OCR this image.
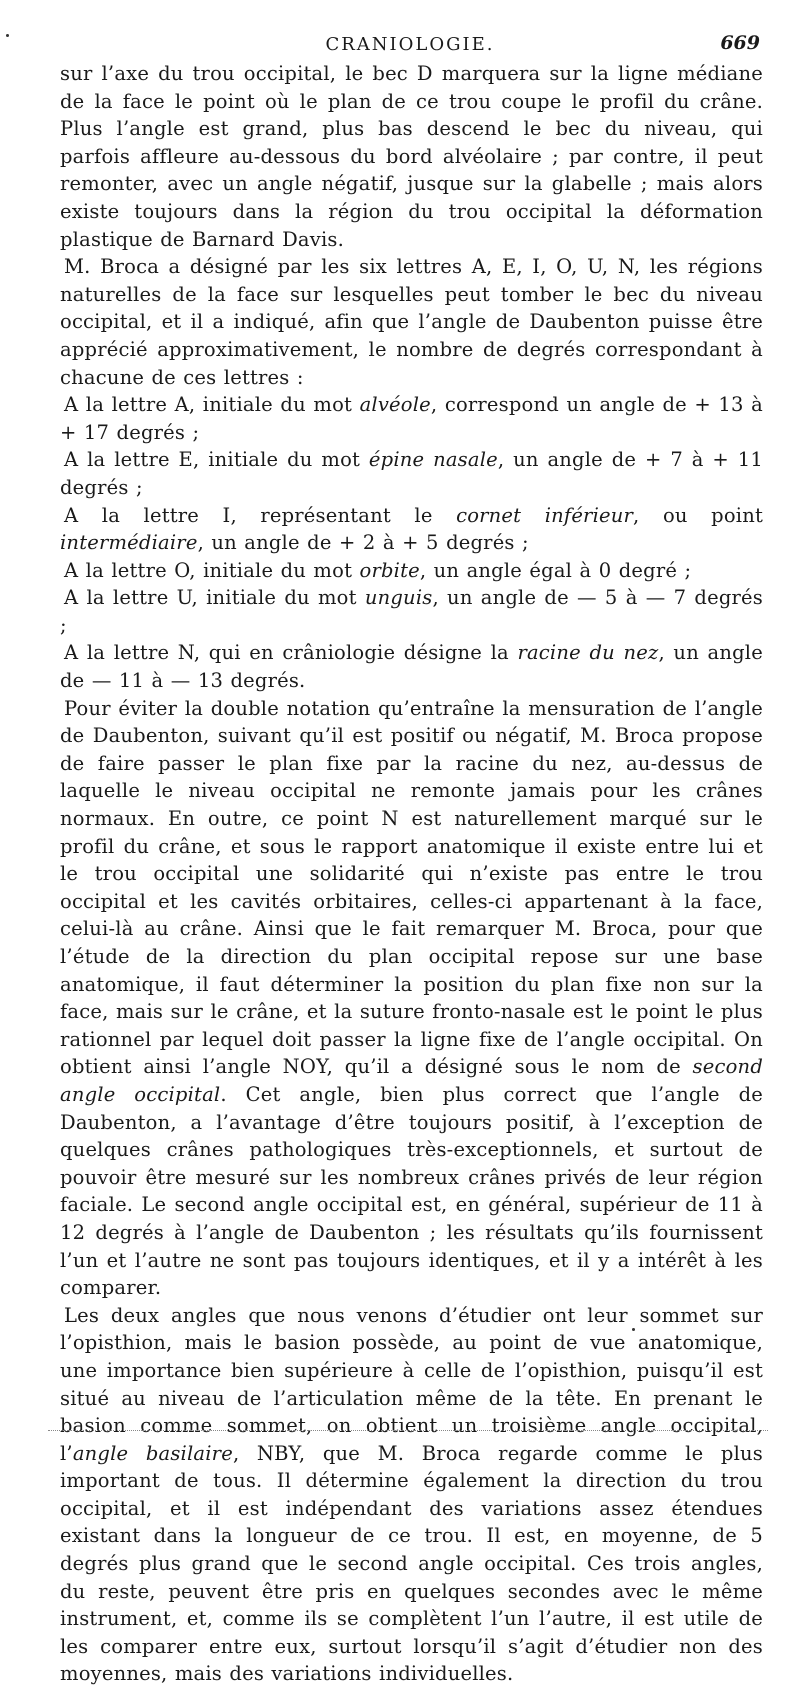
CRANIOLOGIE.	669

sur l’axe du trou occipital, le bec D marquera sur la ligne médiane de la face le point où le plan de ce trou coupe le profil du crâne. Plus l’angle est grand, plus bas descend le bec du niveau, qui parfois affleure au-dessous du bord alvéolaire ; par contre, il peut remonter, avec un angle négatif, jusque sur la glabelle ; mais alors existe toujours dans la région du trou occipital la déformation plastique de Barnard Davis.

M. Broca a désigné par les six lettres A, E, I, O, U, N, les régions naturelles de la face sur lesquelles peut tomber le bec du niveau occipital, et il a indiqué, afin que l’angle de Daubenton puisse être apprécié approximativement, le nombre de degrés correspondant à chacune de ces lettres :

A la lettre A, initiale du mot alvéole, correspond un angle de + 13 à + 17 degrés ;

A la lettre E, initiale du mot épine nasale, un angle de + 7 à + 11 degrés ;

A la lettre I, représentant le cornet inférieur, ou point intermédiaire, un angle de + 2 à + 5 degrés ;

A la lettre O, initiale du mot orbite, un angle égal à 0 degré ;

A la lettre U, initiale du mot unguis, un angle de — 5 à — 7 degrés ;

A la lettre N, qui en crâniologie désigne la racine du nez, un angle de — 11 à — 13 degrés.

Pour éviter la double notation qu’entraîne la mensuration de l’angle de Daubenton, suivant qu’il est positif ou négatif, M. Broca propose de faire passer le plan fixe par la racine du nez, au-dessus de laquelle le niveau occipital ne remonte jamais pour les crânes normaux. En outre, ce point N est naturellement marqué sur le profil du crâne, et sous le rapport anatomique il existe entre lui et le trou occipital une solidarité qui n’existe pas entre le trou occipital et les cavités orbitaires, celles-ci appartenant à la face, celui-là au crâne. Ainsi que le fait remarquer M. Broca, pour que l’étude de la direction du plan occipital repose sur une base anatomique, il faut déterminer la position du plan fixe non sur la face, mais sur le crâne, et la suture fronto-nasale est le point le plus rationnel par lequel doit passer la ligne fixe de l’angle occipital. On obtient ainsi l’angle NOY, qu’il a désigné sous le nom de second angle occipital. Cet angle, bien plus correct que l’angle de Daubenton, a l’avantage d’être toujours positif, à l’exception de quelques crânes pathologiques très-exceptionnels, et surtout de pouvoir être mesuré sur les nombreux crânes privés de leur région faciale. Le second angle occipital est, en général, supérieur de 11 à 12 degrés à l’angle de Daubenton ; les résultats qu’ils fournissent l’un et l’autre ne sont pas toujours identiques, et il y a intérêt à les comparer.

Les deux angles que nous venons d’étudier ont leur sommet sur l’opisthion, mais le basion possède, au point de vue anatomique, une importance bien supérieure à celle de l’opisthion, puisqu’il est situé au niveau de l’articulation même de la tête. En prenant le basion comme sommet, on obtient un troisième angle occipital, l’angle basilaire, NBY, que M. Broca regarde comme le plus important de tous. Il détermine également la direction du trou occipital, et il est indépendant des variations assez étendues existant dans la longueur de ce trou. Il est, en moyenne, de 5 degrés plus grand que le second angle occipital. Ces trois angles, du reste, peuvent être pris en quelques secondes avec le même instrument, et, comme ils se complètent l’un l’autre, il est utile de les comparer entre eux, surtout lorsqu’il s’agit d’étudier non des moyennes, mais des variations individuelles.
